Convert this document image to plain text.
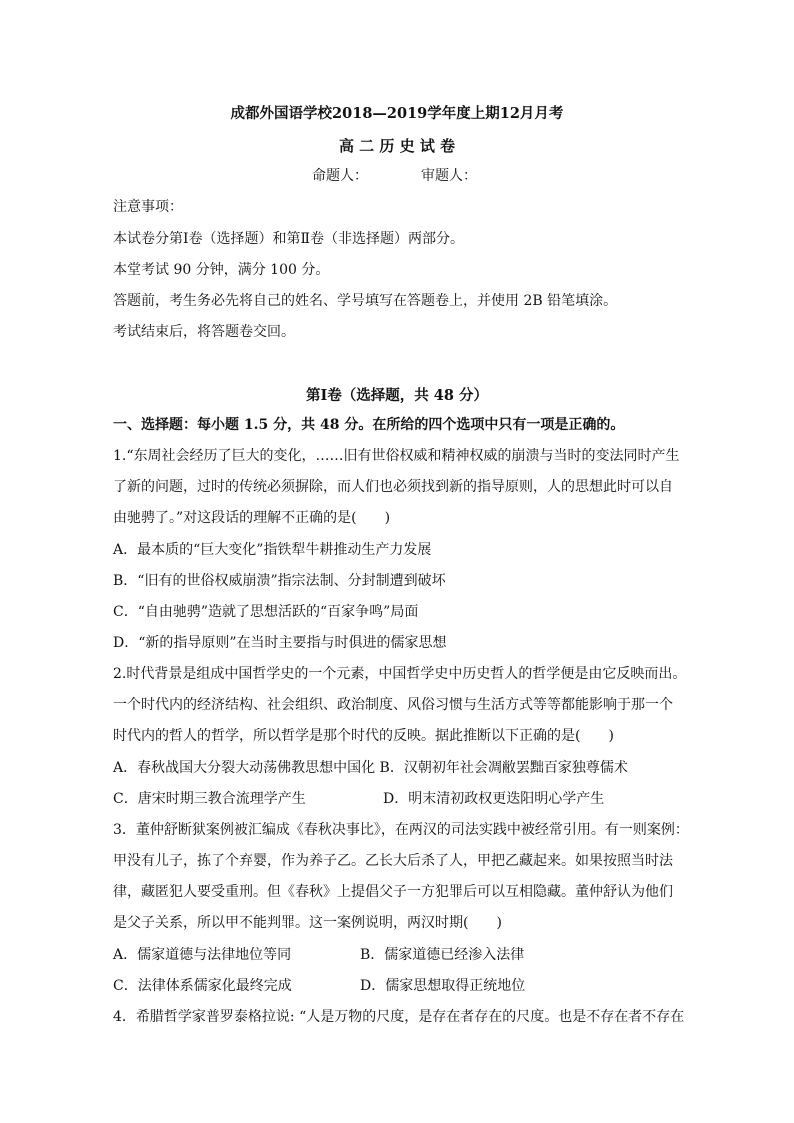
成都外国语学校2018—2019学年度上期12月月考
高 二 历 史 试 卷
命题人：	审题人：
注意事项：
本试卷分第Ⅰ卷（选择题）和第Ⅱ卷（非选择题）两部分。
本堂考试 90 分钟，满分 100 分。
答题前，考生务必先将自己的姓名、学号填写在答题卷上，并使用 2B 铅笔填涂。
考试结束后，将答题卷交回。
第Ⅰ卷（选择题，共 48 分）
一、选择题：每小题 1.5 分，共 48 分。在所给的四个选项中只有一项是正确的。
1.“东周社会经历了巨大的变化，……旧有世俗权威和精神权威的崩溃与当时的变法同时产生
了新的问题，过时的传统必须摒除，而人们也必须找到新的指导原则，人的思想此时可以自
由驰骋了。”对这段话的理解不正确的是(　　)
A．最本质的“巨大变化”指铁犁牛耕推动生产力发展
B．“旧有的世俗权威崩溃”指宗法制、分封制遭到破坏
C．“自由驰骋”造就了思想活跃的“百家争鸣”局面
D．“新的指导原则”在当时主要指与时俱进的儒家思想
2.时代背景是组成中国哲学史的一个元素，中国哲学史中历史哲人的哲学便是由它反映而出。
一个时代内的经济结构、社会组织、政治制度、风俗习惯与生活方式等等都能影响于那一个
时代内的哲人的哲学，所以哲学是那个时代的反映。据此推断以下正确的是(　　)
A．春秋战国大分裂大动荡佛教思想中国化 B．汉朝初年社会凋敝罢黜百家独尊儒术
C．唐宋时期三教合流理学产生	D．明末清初政权更迭阳明心学产生
3．董仲舒断狱案例被汇编成《春秋决事比》，在两汉的司法实践中被经常引用。有一则案例：
甲没有儿子，拣了个弃婴，作为养子乙。乙长大后杀了人，甲把乙藏起来。如果按照当时法
律，藏匿犯人要受重刑。但《春秋》上提倡父子一方犯罪后可以互相隐藏。董仲舒认为他们
是父子关系，所以甲不能判罪。这一案例说明，两汉时期(　　)
A．儒家道德与法律地位等同	B．儒家道德已经渗入法律
C．法律体系儒家化最终完成	D．儒家思想取得正统地位
4．希腊哲学家普罗泰格拉说: “人是万物的尺度，是存在者存在的尺度。也是不存在者不存在
